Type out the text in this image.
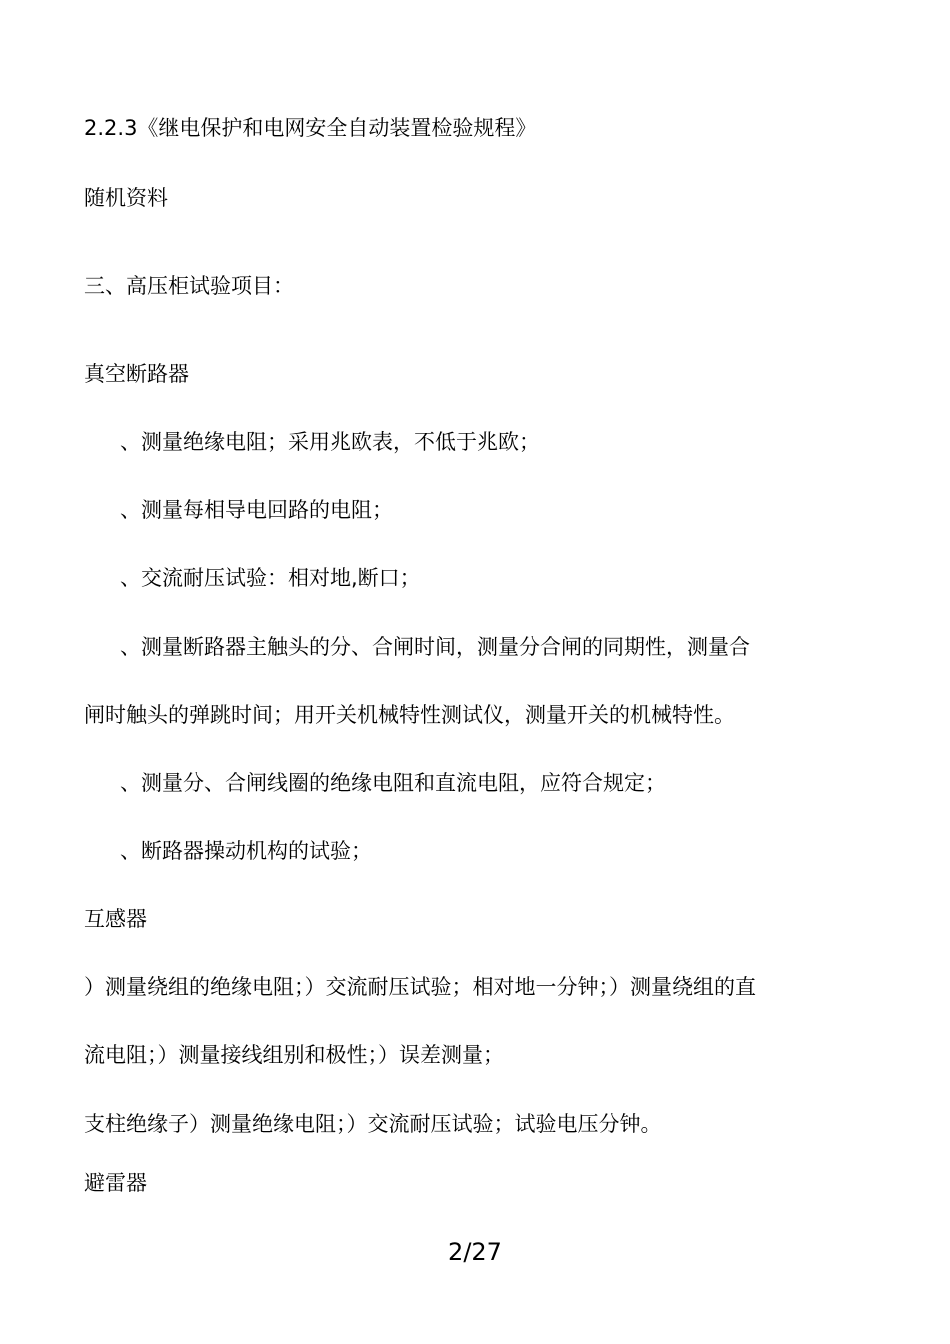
2.2.3《继电保护和电网安全自动装置检验规程》
随机资料
三、高压柜试验项目：
真空断路器
、测量绝缘电阻；采用兆欧表，不低于兆欧；
、测量每相导电回路的电阻；
、交流耐压试验：相对地,断口；
、测量断路器主触头的分、合闸时间，测量分合闸的同期性，测量合
闸时触头的弹跳时间；用开关机械特性测试仪，测量开关的机械特性。
、测量分、合闸线圈的绝缘电阻和直流电阻，应符合规定；
、断路器操动机构的试验；
互感器
）测量绕组的绝缘电阻；）交流耐压试验；相对地一分钟；）测量绕组的直
流电阻；）测量接线组别和极性；）误差测量；
支柱绝缘子）测量绝缘电阻；）交流耐压试验；试验电压分钟。
避雷器
2/27
